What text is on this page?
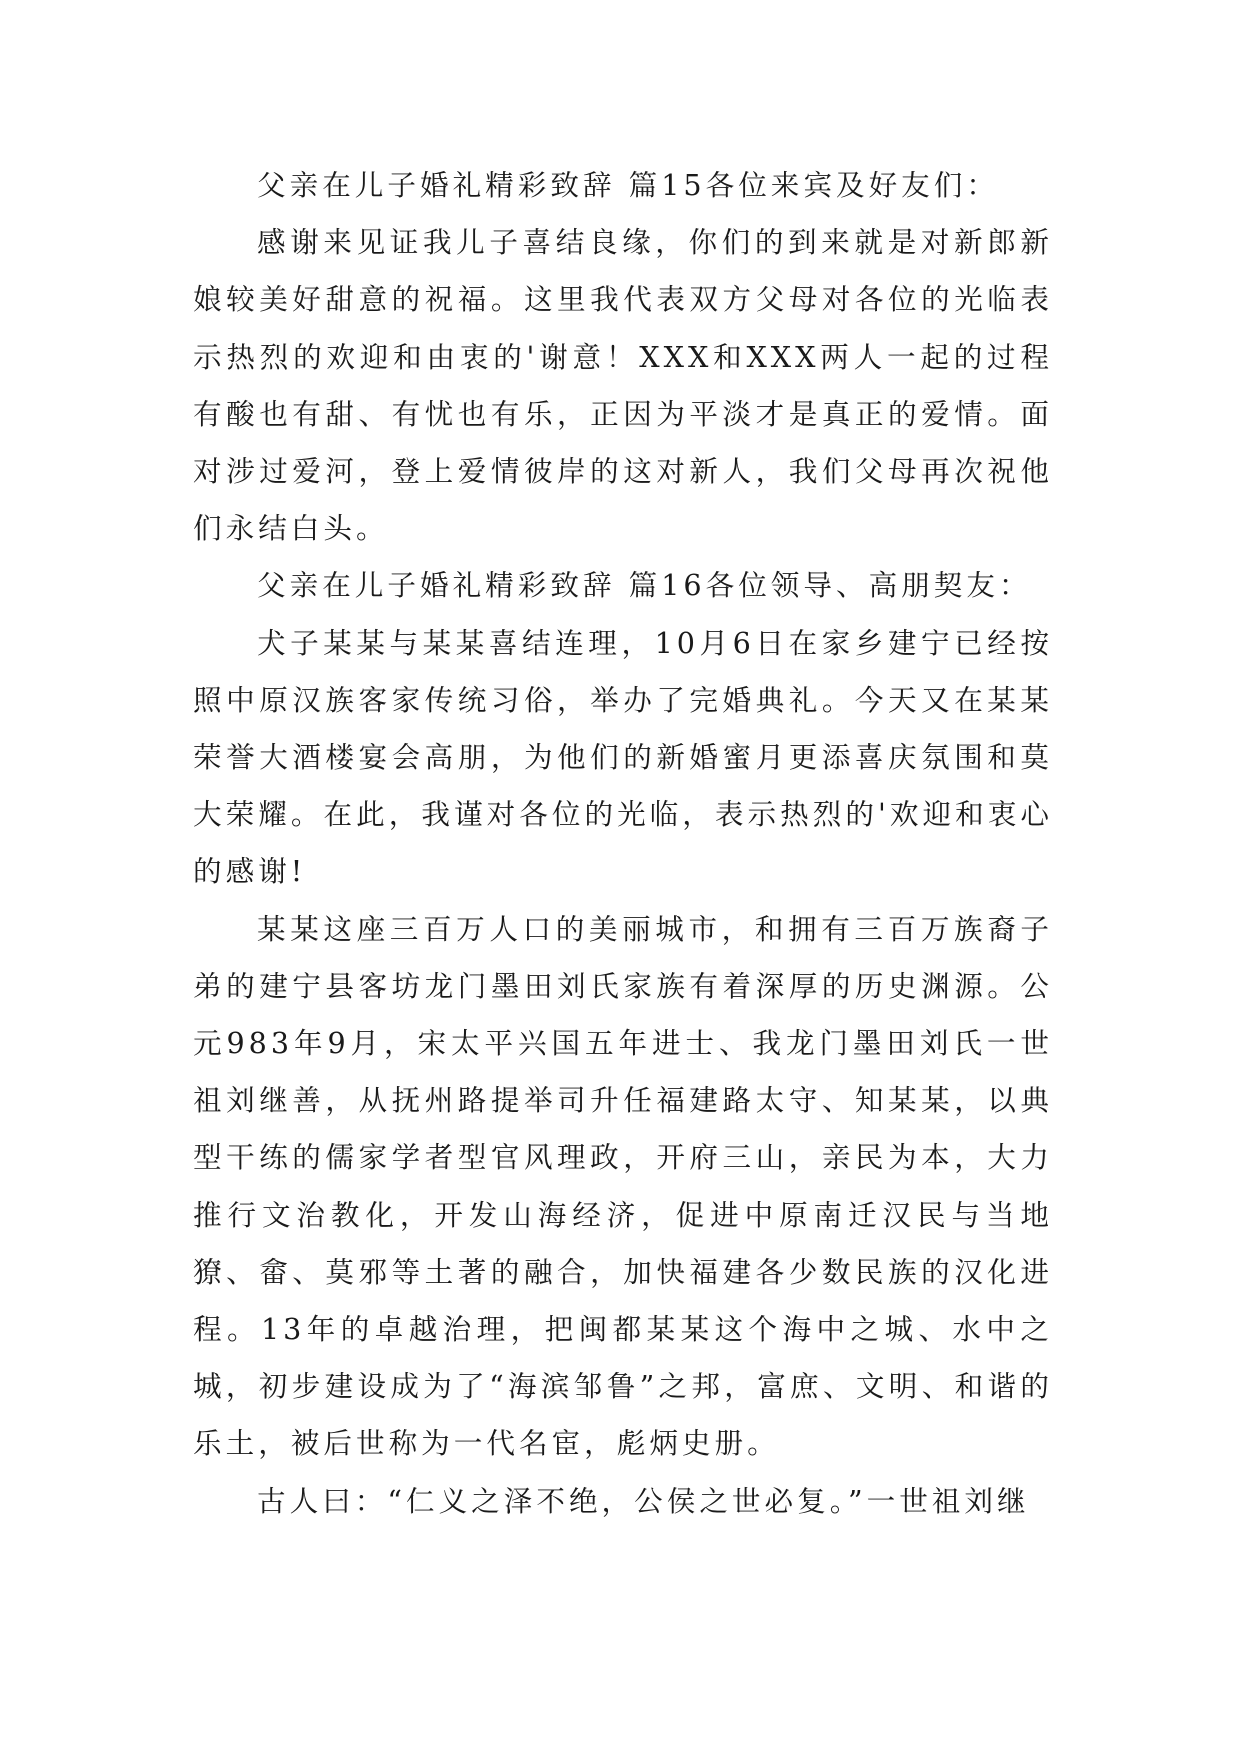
父亲在儿子婚礼精彩致辞 篇15各位来宾及好友们：

感谢来见证我儿子喜结良缘，你们的到来就是对新郎新娘较美好甜意的祝福。这里我代表双方父母对各位的光临表示热烈的欢迎和由衷的'谢意！XXX和XXX两人一起的过程有酸也有甜、有忧也有乐，正因为平淡才是真正的爱情。面对涉过爱河，登上爱情彼岸的这对新人，我们父母再次祝他们永结白头。

父亲在儿子婚礼精彩致辞 篇16各位领导、高朋契友：

犬子某某与某某喜结连理，10月6日在家乡建宁已经按照中原汉族客家传统习俗，举办了完婚典礼。今天又在某某荣誉大酒楼宴会高朋，为他们的新婚蜜月更添喜庆氛围和莫大荣耀。在此，我谨对各位的光临，表示热烈的'欢迎和衷心的感谢!

某某这座三百万人口的美丽城市，和拥有三百万族裔子弟的建宁县客坊龙门墨田刘氏家族有着深厚的历史渊源。公元983年9月，宋太平兴国五年进士、我龙门墨田刘氏一世祖刘继善，从抚州路提举司升任福建路太守、知某某，以典型干练的儒家学者型官风理政，开府三山，亲民为本，大力推行文治教化，开发山海经济，促进中原南迁汉民与当地獠、畲、莫邪等土著的融合，加快福建各少数民族的汉化进程。13年的卓越治理，把闽都某某这个海中之城、水中之城，初步建设成为了“海滨邹鲁”之邦，富庶、文明、和谐的乐土，被后世称为一代名宦，彪炳史册。

古人曰：“仁义之泽不绝，公侯之世必复。”一世祖刘继
